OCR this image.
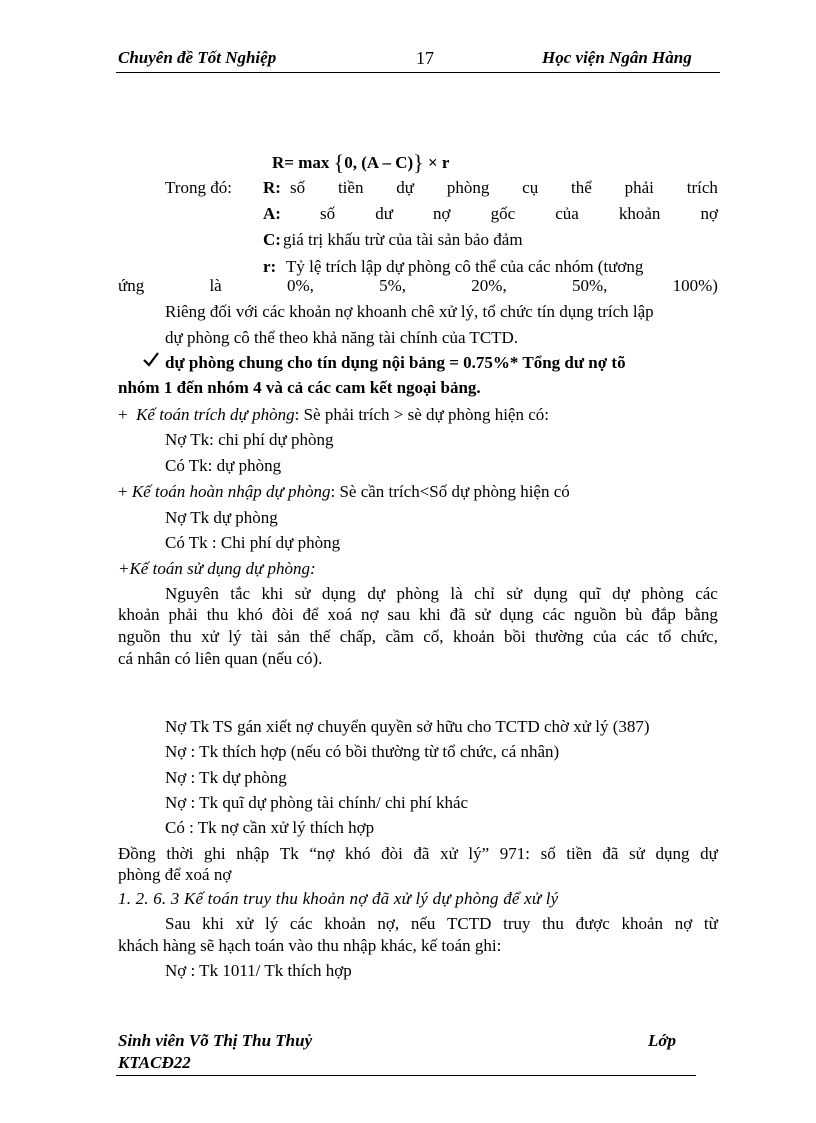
Chuyên đề Tốt Nghiệp	17	Học viện Ngân Hàng
R= max {0, (A – C)} × r
Trong đó: R: số tiền dự phòng cụ thể phải trích
A: số dư nợ gốc của khoản nợ
C: giá trị khấu trừ của tài sản bảo đảm
r: Tỷ lệ trích lập dự phòng cô thể của các nhóm (tương
ứng	là	0%,	5%,	20%,	50%,	100%)
Riêng đối với các khoản nợ khoanh chê xử lý, tổ chức tín dụng trích lập
dự phòng cô thể theo khả năng tài chính của TCTD.
dự phòng chung cho tín dụng nội bảng = 0.75%* Tổng dư nợ tõ
nhóm 1 đến nhóm 4 và cả các cam kết ngoại bảng.
+ Kế toán trích dự phòng: Sè phải trích > sè dự phòng hiện có:
Nợ Tk: chi phí dự phòng
Có Tk: dự phòng
+ Kế toán hoàn nhập dự phòng: Sè cần trích<Số dự phòng hiện có
Nợ Tk dự phòng
Có Tk : Chi phí dự phòng
+Kế toán sử dụng dự phòng:
Nguyên tắc khi sử dụng dự phòng là chỉ sử dụng quĩ dự phòng các
khoản phải thu khó đòi để xoá nợ sau khi đã sử dụng các nguồn bù đắp bằng
nguồn thu xử lý tài sản thế chấp, cầm cố, khoản bồi thường của các tổ chức,
cá nhân có liên quan (nếu có).
Nợ Tk TS gán xiết nợ chuyển quyền sở hữu cho TCTD chờ xử lý (387)
Nợ : Tk thích hợp (nếu có bồi thường từ tổ chức, cá nhân)
Nợ : Tk dự phòng
Nợ : Tk quĩ dự phòng tài chính/ chi phí khác
Có : Tk nợ cần xử lý thích hợp
Đồng thời ghi nhập Tk “nợ khó đòi đã xử lý” 971: số tiền đã sử dụng dự
phòng để xoá nợ
1. 2. 6. 3 Kế toán truy thu khoản nợ đã xử lý dự phòng để xử lý
Sau khi xử lý các khoản nợ, nếu TCTD truy thu được khoản nợ từ
khách hàng sẽ hạch toán vào thu nhập khác, kế toán ghi:
Nợ : Tk 1011/ Tk thích hợp
Sinh viên Võ Thị Thu Thuỷ	Lớp
KTACĐ22
